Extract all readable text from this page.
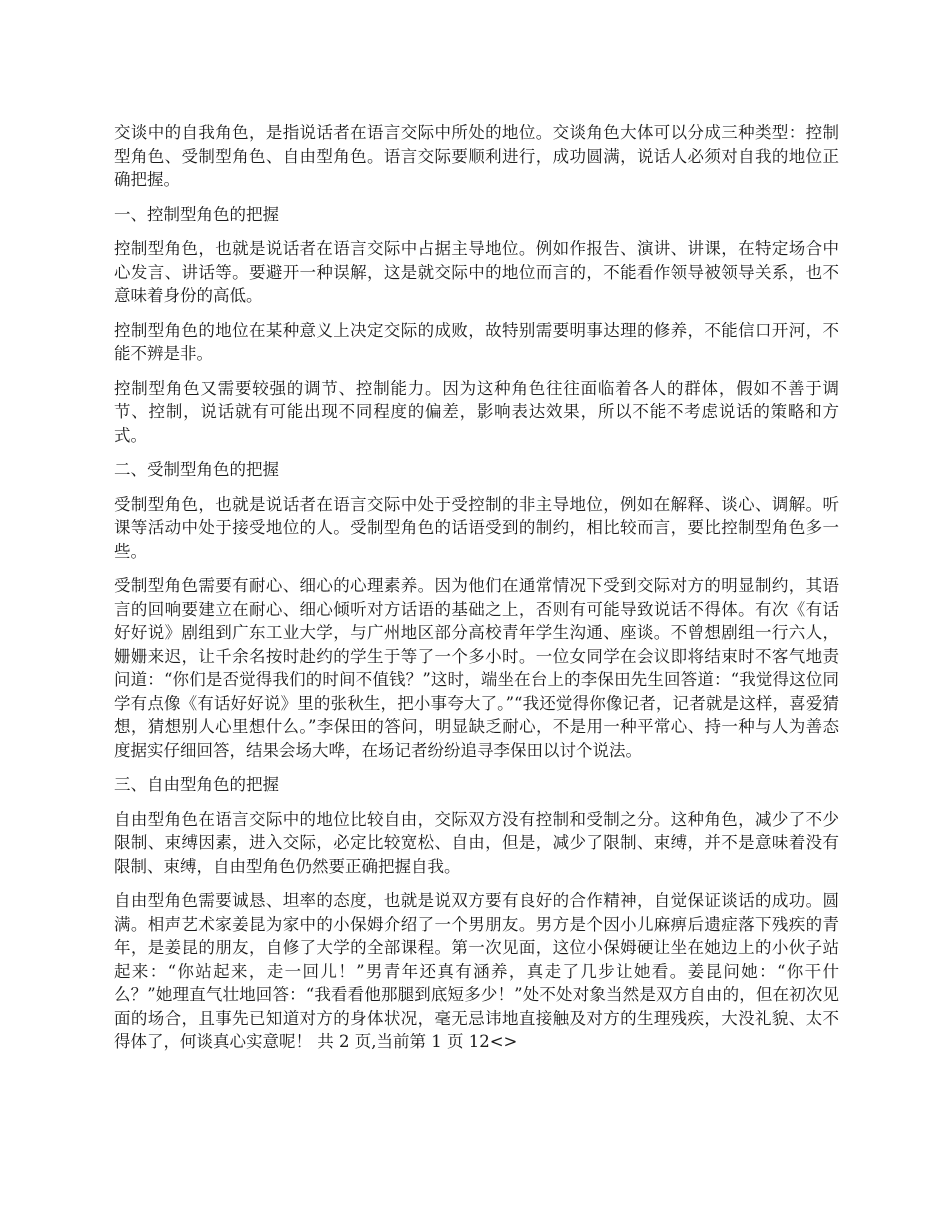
交谈中的自我角色，是指说话者在语言交际中所处的地位。交谈角色大体可以分成三种类型：控制型角色、受制型角色、自由型角色。语言交际要顺利进行，成功圆满，说话人必须对自我的地位正确把握。

一、控制型角色的把握

控制型角色，也就是说话者在语言交际中占据主导地位。例如作报告、演讲、讲课，在特定场合中心发言、讲话等。要避开一种误解，这是就交际中的地位而言的，不能看作领导被领导关系，也不意味着身份的高低。

控制型角色的地位在某种意义上决定交际的成败，故特别需要明事达理的修养，不能信口开河，不能不辨是非。

控制型角色又需要较强的调节、控制能力。因为这种角色往往面临着各人的群体，假如不善于调节、控制，说话就有可能出现不同程度的偏差，影响表达效果，所以不能不考虑说话的策略和方式。

二、受制型角色的把握

受制型角色，也就是说话者在语言交际中处于受控制的非主导地位，例如在解释、谈心、调解。听课等活动中处于接受地位的人。受制型角色的话语受到的制约，相比较而言，要比控制型角色多一些。

受制型角色需要有耐心、细心的心理素养。因为他们在通常情况下受到交际对方的明显制约，其语言的回响要建立在耐心、细心倾听对方话语的基础之上，否则有可能导致说话不得体。有次《有话好好说》剧组到广东工业大学，与广州地区部分高校青年学生沟通、座谈。不曾想剧组一行六人，姗姗来迟，让千余名按时赴约的学生于等了一个多小时。一位女同学在会议即将结束时不客气地责问道：“你们是否觉得我们的时间不值钱？”这时，端坐在台上的李保田先生回答道：“我觉得这位同学有点像《有话好好说》里的张秋生，把小事夸大了。”“我还觉得你像记者，记者就是这样，喜爱猜想，猜想别人心里想什么。”李保田的答问，明显缺乏耐心，不是用一种平常心、持一种与人为善态度据实仔细回答，结果会场大哗，在场记者纷纷追寻李保田以讨个说法。

三、自由型角色的把握

自由型角色在语言交际中的地位比较自由，交际双方没有控制和受制之分。这种角色，减少了不少限制、束缚因素，进入交际，必定比较宽松、自由，但是，减少了限制、束缚，并不是意味着没有限制、束缚，自由型角色仍然要正确把握自我。

自由型角色需要诚恳、坦率的态度，也就是说双方要有良好的合作精神，自觉保证谈话的成功。圆满。相声艺术家姜昆为家中的小保姆介绍了一个男朋友。男方是个因小儿麻痹后遗症落下残疾的青年，是姜昆的朋友，自修了大学的全部课程。第一次见面，这位小保姆硬让坐在她边上的小伙子站起来：“你站起来，走一回儿！”男青年还真有涵养，真走了几步让她看。姜昆问她：“你干什么？”她理直气壮地回答：“我看看他那腿到底短多少！”处不处对象当然是双方自由的，但在初次见面的场合，且事先已知道对方的身体状况，毫无忌讳地直接触及对方的生理残疾，大没礼貌、太不得体了，何谈真心实意呢！ 共 2 页,当前第 1 页 12<>
